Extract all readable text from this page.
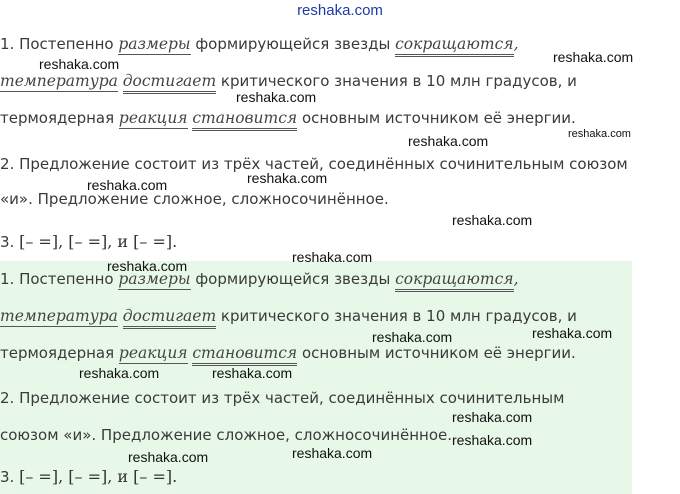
reshaka.com
1. Постепенно размеры формирующейся звезды сокращаются,
температура достигает критического значения в 10 млн градусов, и
термоядерная реакция становится основным источником её энергии.
2. Предложение состоит из трёх частей, соединённых сочинительным союзом
«и». Предложение сложное, сложносочинённое.
3. [– =], [– =], и [– =].
1. Постепенно размеры формирующейся звезды сокращаются,
температура достигает критического значения в 10 млн градусов, и
термоядерная реакция становится основным источником её энергии.
2. Предложение состоит из трёх частей, соединённых сочинительным
союзом «и». Предложение сложное, сложносочинённое.
3. [– =], [– =], и [– =].
reshaka.com
reshaka.com
reshaka.com
reshaka.com	reshaka.com
reshaka.com
reshaka.com
reshaka.com
reshaka.com
reshaka.com
reshaka.com
reshaka.com
reshaka.com	reshaka.com
reshaka.com
reshaka.com
reshaka.com
reshaka.com
